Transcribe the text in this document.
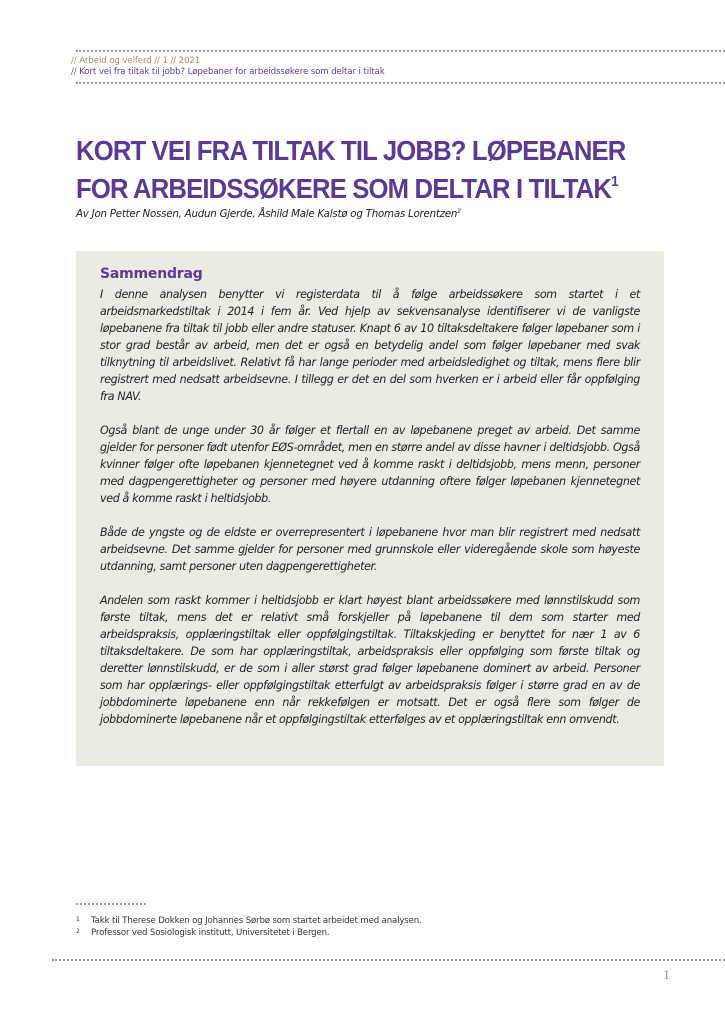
// Arbeid og velferd // 1 // 2021
// Kort vei fra tiltak til jobb? Løpebaner for arbeidssøkere som deltar i tiltak
KORT VEI FRA TILTAK TIL JOBB? LØPEBANER
FOR ARBEIDSSØKERE SOM DELTAR I TILTAK$^1$
Av Jon Petter Nossen, Audun Gjerde, Åshild Male Kalstø og Thomas Lorentzen$^2$
Sammendrag

I denne analysen benytter vi registerdata til å følge arbeidssøkere som startet i et arbeidsmarkedstiltak i 2014 i fem år. Ved hjelp av sekvensanalyse identifiserer vi de vanligste løpebanene fra tiltak til jobb eller andre statuser. Knapt 6 av 10 tiltaksdeltakere følger løpebaner som i stor grad består av arbeid, men det er også en betydelig andel som følger løpebaner med svak tilknytning til arbeidslivet. Relativt få har lange perioder med arbeidsledighet og tiltak, mens flere blir registrert med nedsatt arbeidsevne. I tillegg er det en del som hverken er i arbeid eller får oppfølging fra NAV.

Også blant de unge under 30 år følger et flertall en av løpebanene preget av arbeid. Det samme gjelder for personer født utenfor EØS-området, men en større andel av disse havner i deltidsjobb. Også kvinner følger ofte løpebanen kjennetegnet ved å komme raskt i deltidsjobb, mens menn, personer med dagpengerettigheter og personer med høyere utdanning oftere følger løpebanen kjennetegnet ved å komme raskt i heltidsjobb.

Både de yngste og de eldste er overrepresentert i løpebanene hvor man blir registrert med nedsatt arbeidsevne. Det samme gjelder for personer med grunnskole eller videregående skole som høyeste utdanning, samt personer uten dagpengerettigheter.

Andelen som raskt kommer i heltidsjobb er klart høyest blant arbeidssøkere med lønnstilskudd som første tiltak, mens det er relativt små forskjeller på løpebanene til dem som starter med arbeidspraksis, opplæringstiltak eller oppfølgingstiltak. Tiltakskjeding er benyttet for nær 1 av 6 tiltaksdeltakere. De som har opplæringstiltak, arbeidspraksis eller oppfølging som første tiltak og deretter lønnstilskudd, er de som i aller størst grad følger løpebanene dominert av arbeid. Personer som har opplærings- eller oppfølgingstiltak etterfulgt av arbeidspraksis følger i større grad en av de jobbdominerte løpebanene enn når rekkefølgen er motsatt. Det er også flere som følger de jobbdominerte løpebanene når et oppfølgingstiltak etterfølges av et opplæringstiltak enn omvendt.

1	Takk til Therese Dokken og Johannes Sørbø som startet arbeidet med analysen.
2	Professor ved Sosiologisk institutt, Universitetet i Bergen.
1
